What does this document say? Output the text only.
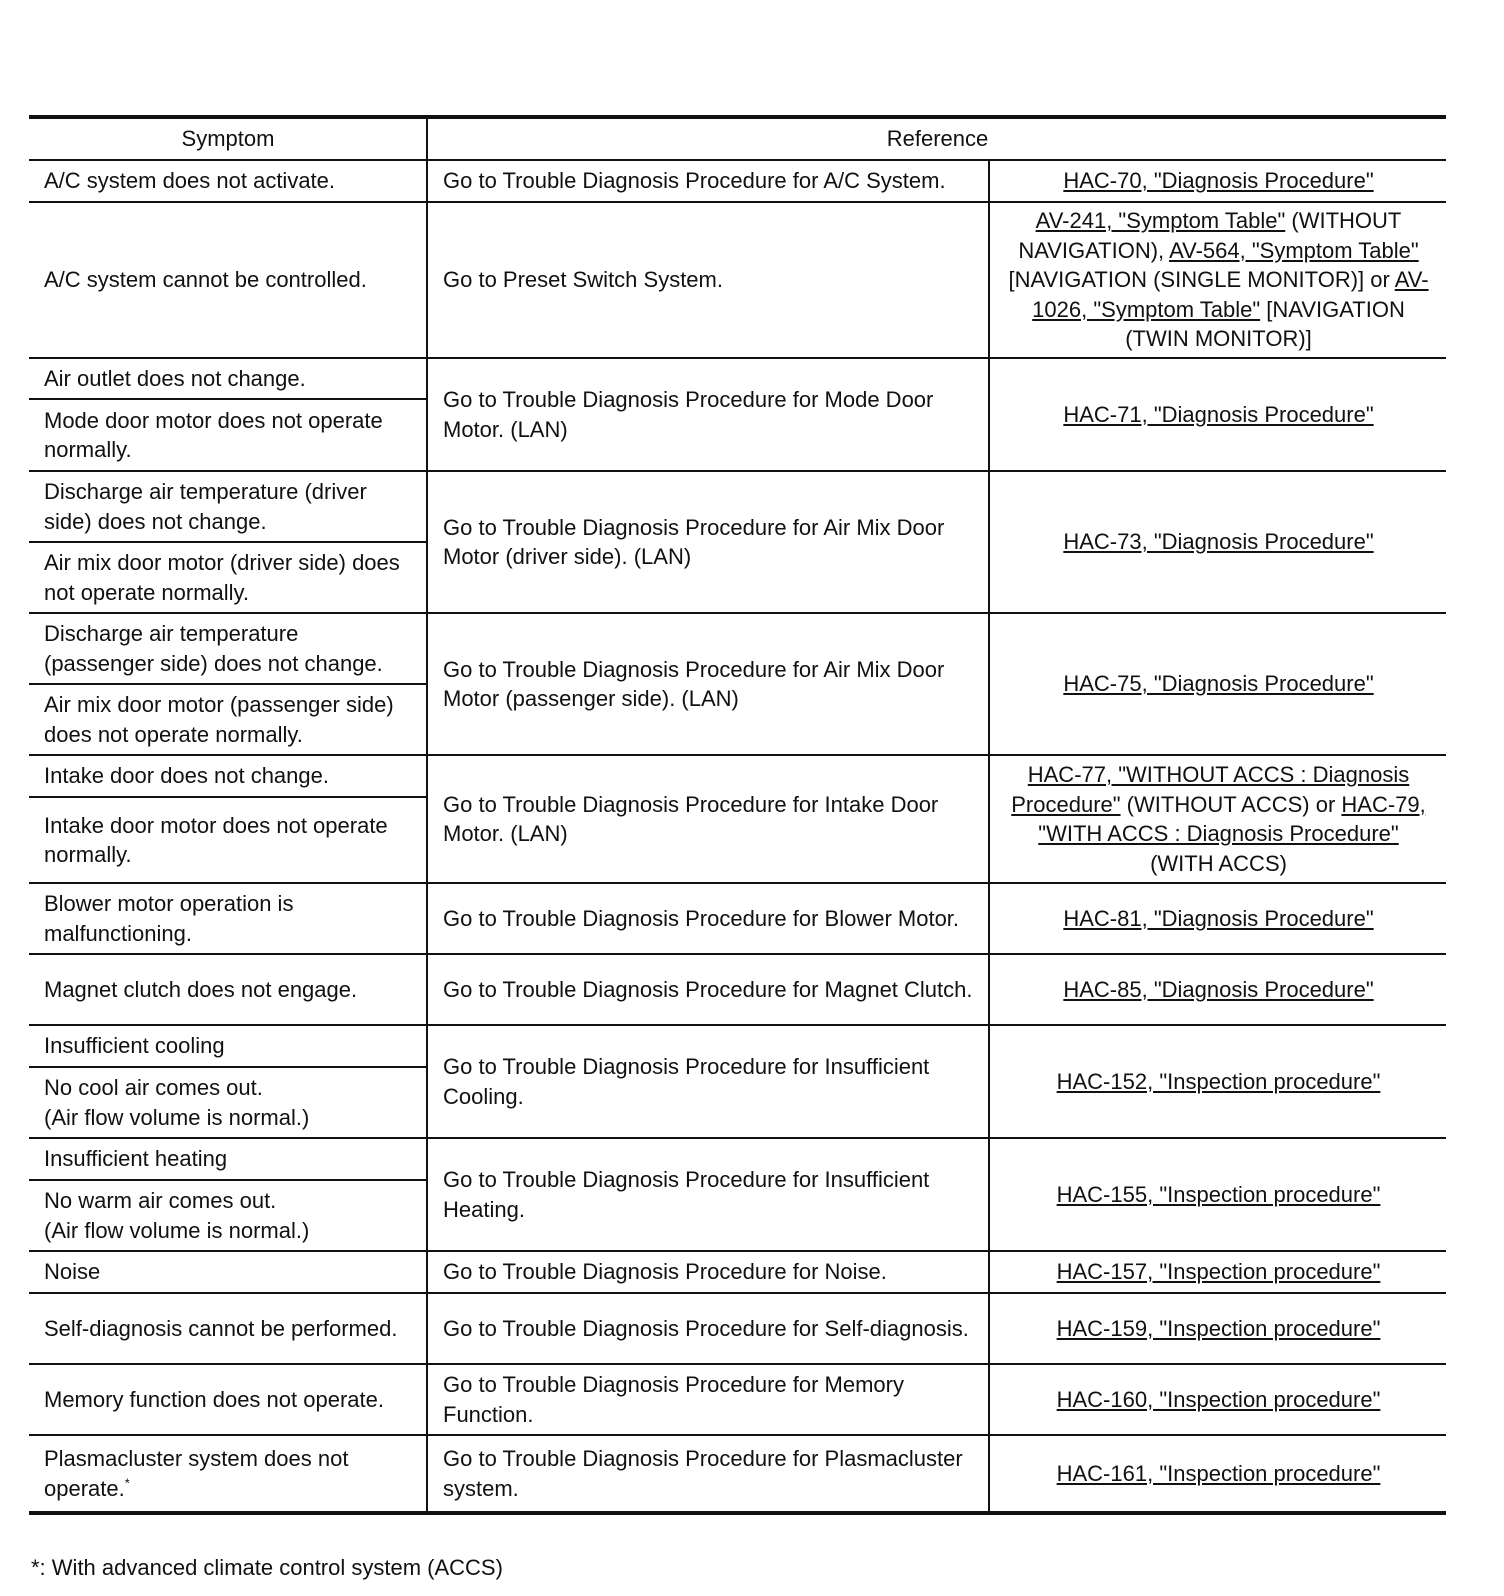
Symptom	Reference	
A/C system does not activate.	Go to Trouble Diagnosis Procedure for A/C System.	HAC-70, "Diagnosis Procedure"
A/C system cannot be controlled.	Go to Preset Switch System.	AV-241, "Symptom Table" (WITHOUT NAVIGATION), AV-564, "Symptom Table" [NAVIGATION (SINGLE MONITOR)] or AV-1026, "Symptom Table" [NAVIGATION (TWIN MONITOR)]
Air outlet does not change.	Go to Trouble Diagnosis Procedure for Mode Door Motor. (LAN)	HAC-71, "Diagnosis Procedure"
Mode door motor does not operate normally.		
Discharge air temperature (driver side) does not change.	Go to Trouble Diagnosis Procedure for Air Mix Door Motor (driver side). (LAN)	HAC-73, "Diagnosis Procedure"
Air mix door motor (driver side) does not operate normally.		
Discharge air temperature (passenger side) does not change.	Go to Trouble Diagnosis Procedure for Air Mix Door Motor (passenger side). (LAN)	HAC-75, "Diagnosis Procedure"
Air mix door motor (passenger side) does not operate normally.		
Intake door does not change.	Go to Trouble Diagnosis Procedure for Intake Door Motor. (LAN)	HAC-77, "WITHOUT ACCS : Diagnosis Procedure" (WITHOUT ACCS) or HAC-79, "WITH ACCS : Diagnosis Procedure" (WITH ACCS)
Intake door motor does not operate normally.		
Blower motor operation is malfunctioning.	Go to Trouble Diagnosis Procedure for Blower Motor.	HAC-81, "Diagnosis Procedure"
Magnet clutch does not engage.	Go to Trouble Diagnosis Procedure for Magnet Clutch.	HAC-85, "Diagnosis Procedure"
Insufficient cooling	Go to Trouble Diagnosis Procedure for Insufficient Cooling.	HAC-152, "Inspection procedure"
No cool air comes out.
(Air flow volume is normal.)		
Insufficient heating	Go to Trouble Diagnosis Procedure for Insufficient Heating.	HAC-155, "Inspection procedure"
No warm air comes out.
(Air flow volume is normal.)		
Noise	Go to Trouble Diagnosis Procedure for Noise.	HAC-157, "Inspection procedure"
Self-diagnosis cannot be performed.	Go to Trouble Diagnosis Procedure for Self-diagnosis.	HAC-159, "Inspection procedure"
Memory function does not operate.	Go to Trouble Diagnosis Procedure for Memory Function.	HAC-160, "Inspection procedure"
Plasmacluster system does not operate.*	Go to Trouble Diagnosis Procedure for Plasmacluster system.	HAC-161, "Inspection procedure"
*: With advanced climate control system (ACCS)
